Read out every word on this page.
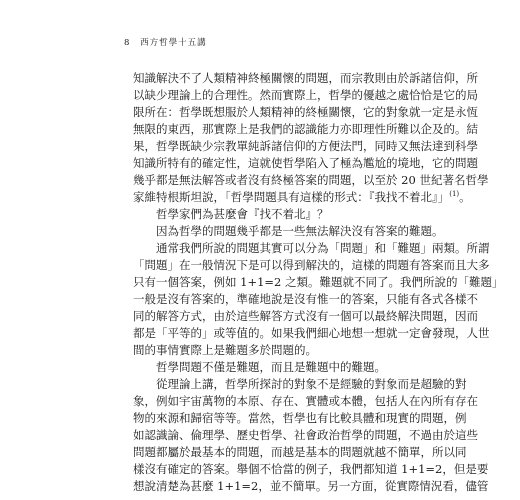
8 西方哲學十五講
知識解決不了人類精神終極關懷的問題，而宗教則由於訴諸信仰，所
以缺少理論上的合理性。然而實際上，哲學的優越之處恰恰是它的局
限所在：哲學既想服於人類精神的終極關懷，它的對象就一定是永恆
無限的東西，那實際上是我們的認識能力亦即理性所難以企及的。結
果，哲學既缺少宗教單純訴諸信仰的方便法門，同時又無法達到科學
知識所特有的確定性，這就使哲學陷入了極為尷尬的境地，它的問題
幾乎都是無法解答或者沒有終極答案的問題，以至於 20 世紀著名哲學
家維特根斯坦說，「哲學問題具有這樣的形式：『我找不着北』」$^{(1)}$。
哲學家們為甚麼會『找不着北』？
因為哲學的問題幾乎都是一些無法解決沒有答案的難題。
通常我們所說的問題其實可以分為「問題」和「難題」兩類。所謂
「問題」在一般情況下是可以得到解決的，這樣的問題有答案而且大多
只有一個答案，例如 1+1=2 之類。難題就不同了。我們所說的「難題」
一般是沒有答案的，準確地說是沒有惟一的答案，只能有各式各樣不
同的解答方式，由於這些解答方式沒有一個可以最終解決問題，因而
都是「平等的」或等值的。如果我們細心地想一想就一定會發現，人世
間的事情實際上是難題多於問題的。
哲學問題不僅是難題，而且是難題中的難題。
從理論上講，哲學所探討的對象不是經驗的對象而是超驗的對
象，例如宇宙萬物的本原、存在、實體或本體，包括人在內所有存在
物的來源和歸宿等等。當然，哲學也有比較具體和現實的問題，例
如認識論、倫理學、歷史哲學、社會政治哲學的問題，不過由於這些
問題都屬於最基本的問題，而越是基本的問題就越不簡單，所以同
樣沒有確定的答案。舉個不恰當的例子，我們都知道 1+1=2，但是要
想說清楚為甚麼 1+1=2，並不簡單。另一方面，從實際情況看，儘管
